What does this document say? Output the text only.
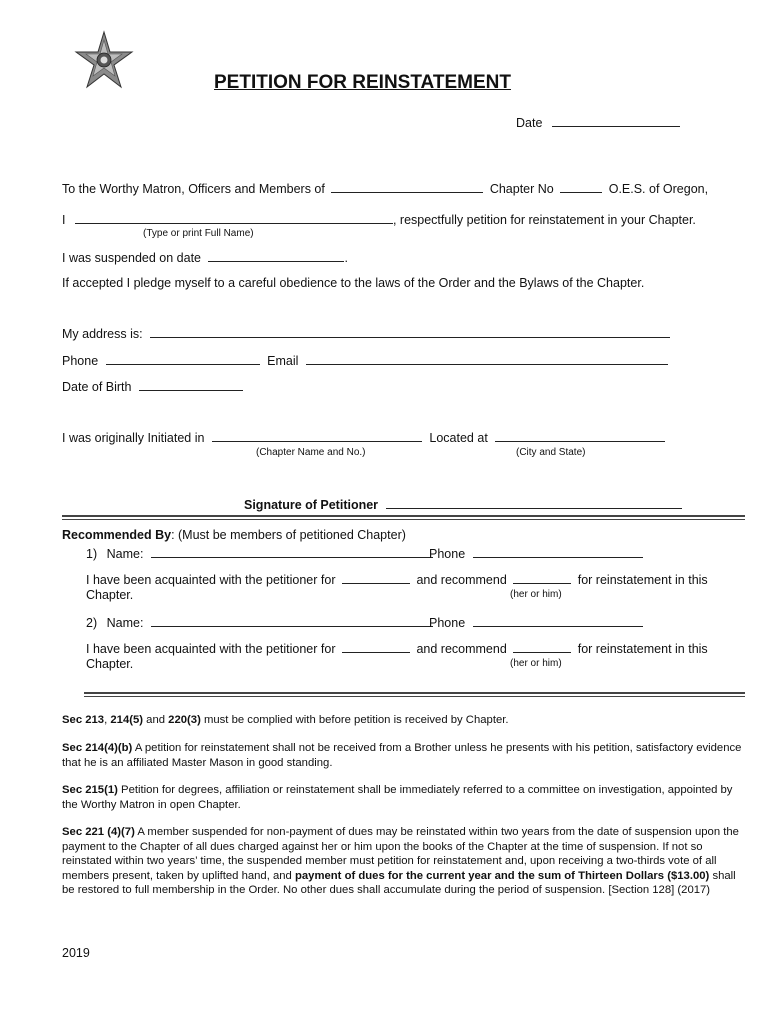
PETITION FOR REINSTATEMENT
Date
To the Worthy Matron, Officers and Members of	Chapter No	O.E.S. of Oregon,
I	, respectfully petition for reinstatement in your Chapter.
(Type or print Full Name)
I was suspended on date	.
If accepted I pledge myself to a careful obedience to the laws of the Order and the Bylaws of the Chapter.
My address is:
Phone	Email
Date of Birth
I was originally Initiated in	Located at
(Chapter Name and No.)	(City and State)
Signature of Petitioner
Recommended By: (Must be members of petitioned Chapter)
1) Name:	Phone
I have been acquainted with the petitioner for	and recommend	for reinstatement in this
Chapter.	(her or him)
2) Name:	Phone
I have been acquainted with the petitioner for	and recommend	for reinstatement in this
Chapter.	(her or him)
Sec 213, 214(5) and 220(3) must be complied with before petition is received by Chapter.
Sec 214(4)(b) A petition for reinstatement shall not be received from a Brother unless he presents with his petition, satisfactory evidence that he is an affiliated Master Mason in good standing.
Sec 215(1) Petition for degrees, affiliation or reinstatement shall be immediately referred to a committee on investigation, appointed by the Worthy Matron in open Chapter.
Sec 221 (4)(7) A member suspended for non-payment of dues may be reinstated within two years from the date of suspension upon the payment to the Chapter of all dues charged against her or him upon the books of the Chapter at the time of suspension. If not so reinstated within two years’ time, the suspended member must petition for reinstatement and, upon receiving a two-thirds vote of all members present, taken by uplifted hand, and payment of dues for the current year and the sum of Thirteen Dollars ($13.00) shall be restored to full membership in the Order. No other dues shall accumulate during the period of suspension. [Section 128] (2017)
2019
